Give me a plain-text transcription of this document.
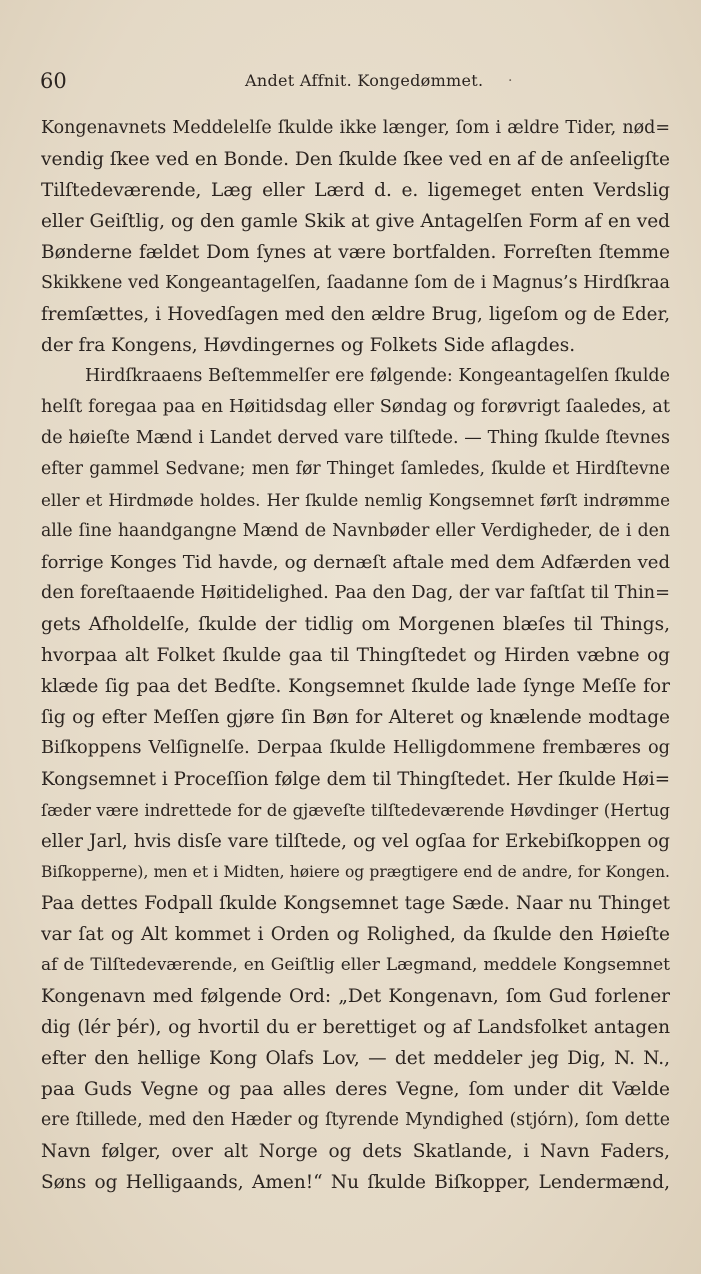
60	Andet Affnit. Kongedømmet. ·
Kongenavnets Meddelelſe ſkulde ikke længer, ſom i ældre Tider, nød=
vendig ſkee ved en Bonde. Den ſkulde ſkee ved en af de anſeeligſte
Tilſtedeværende, Læg eller Lærd d. e. ligemeget enten Verdslig
eller Geiſtlig, og den gamle Skik at give Antagelſen Form af en ved
Bønderne fældet Dom ſynes at være bortfalden. Forreſten ſtemme
Skikkene ved Kongeantagelſen, ſaadanne ſom de i Magnus’s Hirdſkraa
fremſættes, i Hovedſagen med den ældre Brug, ligeſom og de Eder,
der fra Kongens, Høvdingernes og Folkets Side aflagdes.
Hirdſkraaens Beſtemmelſer ere følgende: Kongeantagelſen ſkulde
helſt foregaa paa en Høitidsdag eller Søndag og forøvrigt ſaaledes, at
de høieſte Mænd i Landet derved vare tilſtede. — Thing ſkulde ſtevnes
efter gammel Sedvane; men før Thinget ſamledes, ſkulde et Hirdſtevne
eller et Hirdmøde holdes. Her ſkulde nemlig Kongsemnet førſt indrømme
alle ſine haandgangne Mænd de Navnbøder eller Verdigheder, de i den
forrige Konges Tid havde, og dernæſt aftale med dem Adfærden ved
den foreſtaaende Høitidelighed. Paa den Dag, der var faſtſat til Thin=
gets Afholdelſe, ſkulde der tidlig om Morgenen blæſes til Things,
hvorpaa alt Folket ſkulde gaa til Thingſtedet og Hirden væbne og
klæde ſig paa det Bedſte. Kongsemnet ſkulde lade ſynge Meſſe for
ſig og efter Meſſen gjøre ſin Bøn for Alteret og knælende modtage
Biſkoppens Velſignelſe. Derpaa ſkulde Helligdommene frembæres og
Kongsemnet i Proceſſion følge dem til Thingſtedet. Her ſkulde Høi=
ſæder være indrettede for de gjæveſte tilſtedeværende Høvdinger (Hertug
eller Jarl, hvis disſe vare tilſtede, og vel ogſaa for Erkebiſkoppen og
Biſkopperne), men et i Midten, høiere og prægtigere end de andre, for Kongen.
Paa dettes Fodpall ſkulde Kongsemnet tage Sæde. Naar nu Thinget
var ſat og Alt kommet i Orden og Rolighed, da ſkulde den Høieſte
af de Tilſtedeværende, en Geiſtlig eller Lægmand, meddele Kongsemnet
Kongenavn med følgende Ord: „Det Kongenavn, ſom Gud forlener
dig (lér þér), og hvortil du er berettiget og af Landsfolket antagen
efter den hellige Kong Olafs Lov, — det meddeler jeg Dig, N. N.,
paa Guds Vegne og paa alles deres Vegne, ſom under dit Vælde
ere ſtillede, med den Hæder og ſtyrende Myndighed (stjórn), ſom dette
Navn følger, over alt Norge og dets Skatlande, i Navn Faders,
Søns og Helligaands, Amen!“ Nu ſkulde Biſkopper, Lendermænd,
